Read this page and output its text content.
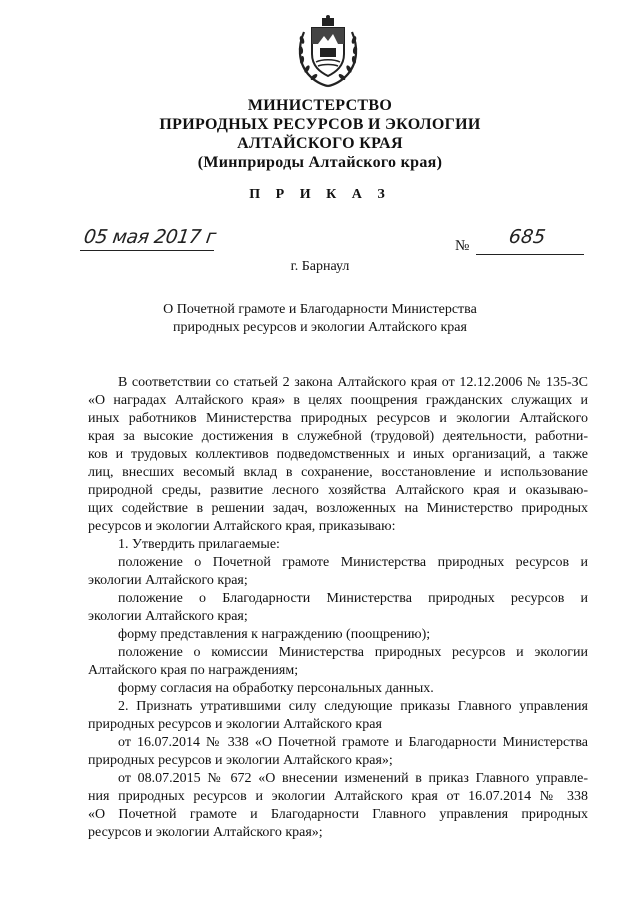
МИНИСТЕРСТВО
ПРИРОДНЫХ РЕСУРСОВ И ЭКОЛОГИИ
АЛТАЙСКОГО КРАЯ
(Минприроды Алтайского края)
П Р И К А З
05 мая 2017 г	№ 685
г. Барнаул
О Почетной грамоте и Благодарности Министерства
природных ресурсов и экологии Алтайского края
В соответствии со статьей 2 закона Алтайского края от 12.12.2006 № 135-ЗС
«О наградах Алтайского края» в целях поощрения гражданских служащих и
иных работников Министерства природных ресурсов и экологии Алтайского
края за высокие достижения в служебной (трудовой) деятельности, работни-
ков и трудовых коллективов подведомственных и иных организаций, а также
лиц, внесших весомый вклад в сохранение, восстановление и использование
природной среды, развитие лесного хозяйства Алтайского края и оказываю-
щих содействие в решении задач, возложенных на Министерство природных
ресурсов и экологии Алтайского края, приказываю:
1. Утвердить прилагаемые:
положение о Почетной грамоте Министерства природных ресурсов и
экологии Алтайского края;
положение о Благодарности Министерства природных ресурсов и
экологии Алтайского края;
форму представления к награждению (поощрению);
положение о комиссии Министерства природных ресурсов и экологии
Алтайского края по награждениям;
форму согласия на обработку персональных данных.
2. Признать утратившими силу следующие приказы Главного управления
природных ресурсов и экологии Алтайского края
от 16.07.2014 № 338 «О Почетной грамоте и Благодарности Министерства
природных ресурсов и экологии Алтайского края»;
от 08.07.2015 № 672 «О внесении изменений в приказ Главного управле-
ния природных ресурсов и экологии Алтайского края от 16.07.2014 № 338
«О Почетной грамоте и Благодарности Главного управления природных
ресурсов и экологии Алтайского края»;
